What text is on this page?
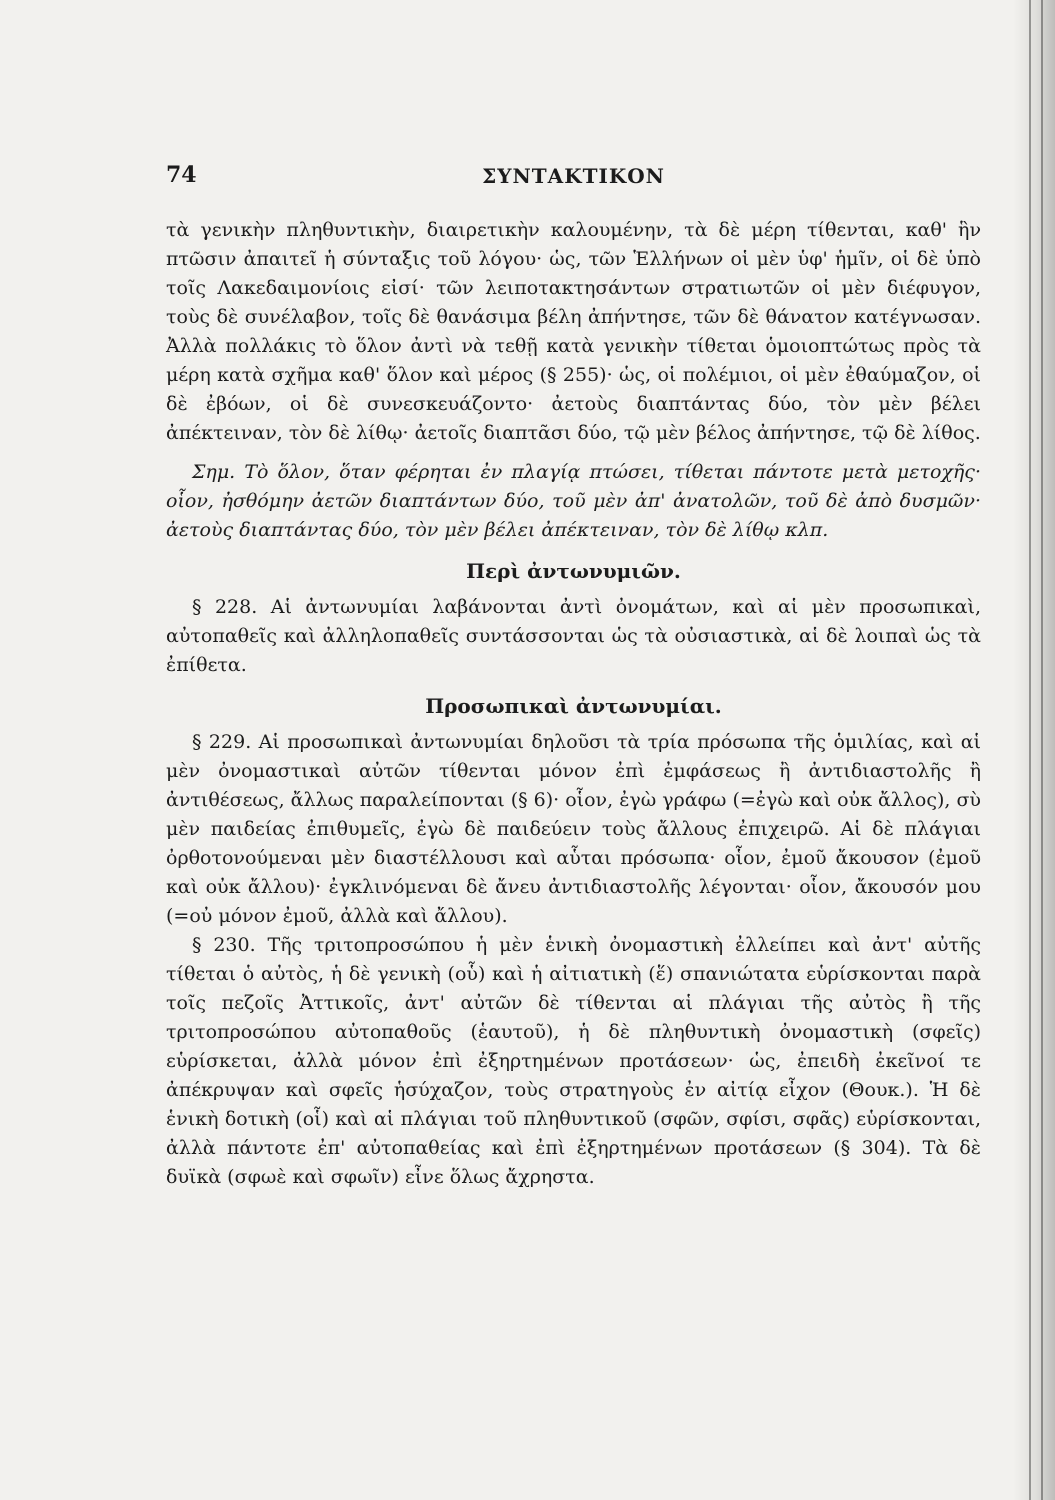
74	ΣΥΝΤΑΚΤΙΚΟΝ

τὰ γενικὴν πληθυντικὴν, διαιρετικὴν καλουμένην, τὰ δὲ μέρη τίθενται, καθ' ἣν πτῶσιν ἀπαιτεῖ ἡ σύνταξις τοῦ λόγου· ὡς, τῶν Ἑλλήνων οἱ μὲν ὑφ' ἡμῖν, οἱ δὲ ὑπὸ τοῖς Λακεδαιμονίοις εἰσί· τῶν λειποτακτησάντων στρατιωτῶν οἱ μὲν διέφυγον, τοὺς δὲ συνέλαβον, τοῖς δὲ θανάσιμα βέλη ἀπήντησε, τῶν δὲ θάνατον κατέγνωσαν. Ἀλλὰ πολλάκις τὸ ὅλον ἀντὶ νὰ τεθῇ κατὰ γενικὴν τίθεται ὁμοιοπτώτως πρὸς τὰ μέρη κατὰ σχῆμα καθ' ὅλον καὶ μέρος (§ 255)· ὡς, οἱ πολέμιοι, οἱ μὲν ἐθαύμαζον, οἱ δὲ ἐβόων, οἱ δὲ συνεσκευάζοντο· ἀετοὺς διαπτάντας δύο, τὸν μὲν βέλει ἀπέκτειναν, τὸν δὲ λίθῳ· ἀετοῖς διαπτᾶσι δύο, τῷ μὲν βέλος ἀπήντησε, τῷ δὲ λίθος.

Σημ. Τὸ ὅλον, ὅταν φέρηται ἐν πλαγίᾳ πτώσει, τίθεται πάντοτε μετὰ μετοχῆς· οἷον, ἠσθόμην ἀετῶν διαπτάντων δύο, τοῦ μὲν ἀπ' ἀνατολῶν, τοῦ δὲ ἀπὸ δυσμῶν· ἀετοὺς διαπτάντας δύο, τὸν μὲν βέλει ἀπέκτειναν, τὸν δὲ λίθῳ κλπ.

Περὶ ἀντωνυμιῶν.

§ 228. Αἱ ἀντωνυμίαι λαβάνονται ἀντὶ ὀνομάτων, καὶ αἱ μὲν προσωπικαὶ, αὐτοπαθεῖς καὶ ἀλληλοπαθεῖς συντάσσονται ὡς τὰ οὐσιαστικὰ, αἱ δὲ λοιπαὶ ὡς τὰ ἐπίθετα.

Προσωπικαὶ ἀντωνυμίαι.

§ 229. Αἱ προσωπικαὶ ἀντωνυμίαι δηλοῦσι τὰ τρία πρόσωπα τῆς ὁμιλίας, καὶ αἱ μὲν ὀνομαστικαὶ αὐτῶν τίθενται μόνον ἐπὶ ἐμφάσεως ἢ ἀντιδιαστολῆς ἢ ἀντιθέσεως, ἄλλως παραλείπονται (§ 6)· οἷον, ἐγὼ γράφω (=ἐγὼ καὶ οὐκ ἄλλος), σὺ μὲν παιδείας ἐπιθυμεῖς, ἐγὼ δὲ παιδεύειν τοὺς ἄλλους ἐπιχειρῶ. Αἱ δὲ πλάγιαι ὀρθοτονούμεναι μὲν διαστέλλουσι καὶ αὗται πρόσωπα· οἷον, ἐμοῦ ἄκουσον (ἐμοῦ καὶ οὐκ ἄλλου)· ἐγκλινόμεναι δὲ ἄνευ ἀντιδιαστολῆς λέγονται· οἷον, ἄκουσόν μου (=οὐ μόνον ἐμοῦ, ἀλλὰ καὶ ἄλλου).

§ 230. Τῆς τριτοπροσώπου ἡ μὲν ἑνικὴ ὀνομαστικὴ ἐλλείπει καὶ ἀντ' αὐτῆς τίθεται ὁ αὐτὸς, ἡ δὲ γενικὴ (οὗ) καὶ ἡ αἰτιατικὴ (ἕ) σπανιώτατα εὑρίσκονται παρὰ τοῖς πεζοῖς Ἀττικοῖς, ἀντ' αὐτῶν δὲ τίθενται αἱ πλάγιαι τῆς αὐτὸς ἢ τῆς τριτοπροσώπου αὐτοπαθοῦς (ἑαυτοῦ), ἡ δὲ πληθυντικὴ ὀνομαστικὴ (σφεῖς) εὑρίσκεται, ἀλλὰ μόνον ἐπὶ ἐξηρτημένων προτάσεων· ὡς, ἐπειδὴ ἐκεῖνοί τε ἀπέκρυψαν καὶ σφεῖς ἡσύχαζον, τοὺς στρατηγοὺς ἐν αἰτίᾳ εἶχον (Θουκ.). Ἡ δὲ ἑνικὴ δοτικὴ (οἷ) καὶ αἱ πλάγιαι τοῦ πληθυντικοῦ (σφῶν, σφίσι, σφᾶς) εὑρίσκονται, ἀλλὰ πάντοτε ἐπ' αὐτοπαθείας καὶ ἐπὶ ἐξηρτημένων προτάσεων (§ 304). Τὰ δὲ δυϊκὰ (σφωὲ καὶ σφωῖν) εἶνε ὅλως ἄχρηστα.
